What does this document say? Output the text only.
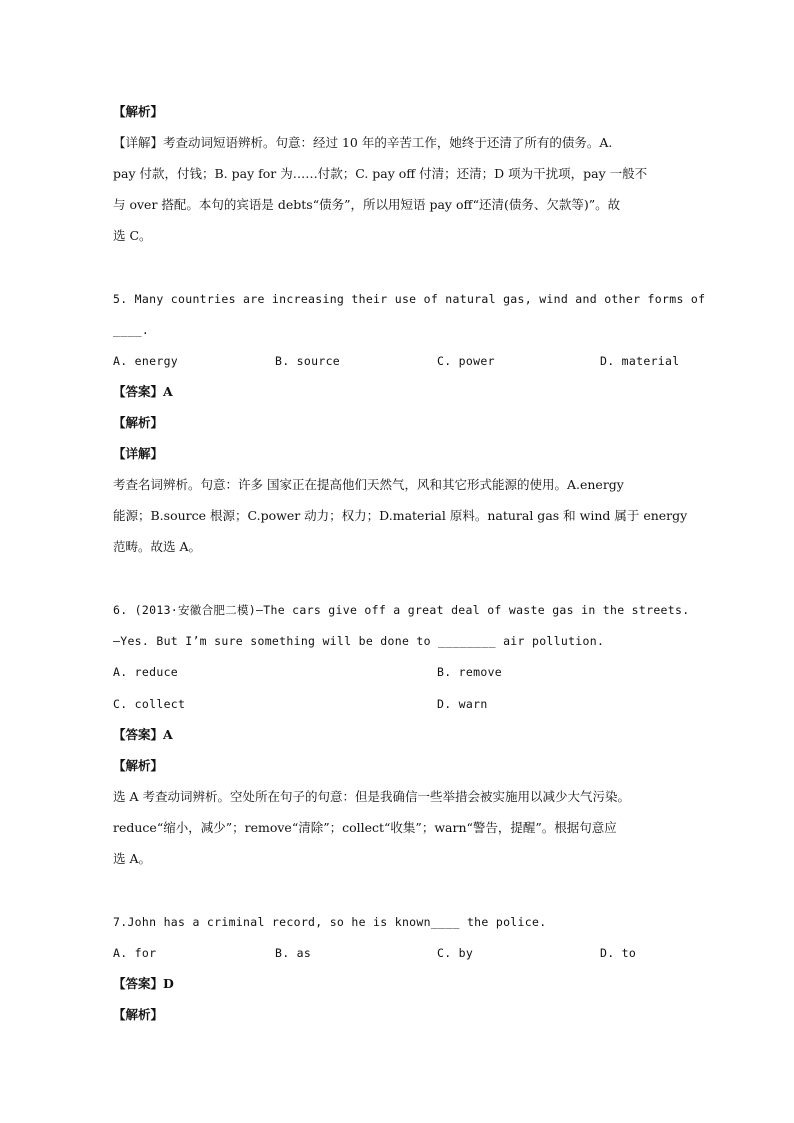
【解析】
【详解】考查动词短语辨析。句意：经过 10 年的辛苦工作，她终于还清了所有的债务。A.
pay 付款，付钱；B. pay for 为……付款；C. pay off 付清；还清；D 项为干扰项，pay 一般不
与 over 搭配。本句的宾语是 debts“债务”，所以用短语 pay off“还清(债务、欠款等)”。故
选 C。
5. Many countries are increasing their use of natural gas, wind and other forms of
____.
A. energy	B. source	C. power	D. material
【答案】A
【解析】
【详解】
考查名词辨析。句意：许多 国家正在提高他们天然气，风和其它形式能源的使用。A.energy
能源；B.source 根源；C.power 动力；权力；D.material 原料。natural gas 和 wind 属于 energy
范畴。故选 A。
6. (2013·安徽合肥二模)—The cars give off a great deal of waste gas in the streets.
—Yes. But I’m sure something will be done to ________ air pollution.
A. reduce	B. remove
C. collect	D. warn
【答案】A
【解析】
选 A 考查动词辨析。空处所在句子的句意：但是我确信一些举措会被实施用以减少大气污染。
reduce“缩小，减少”；remove“清除”；collect“收集”；warn“警告，提醒”。根据句意应
选 A。
7.John has a criminal record, so he is known____ the police.
A. for	B. as	C. by	D. to
【答案】D
【解析】
